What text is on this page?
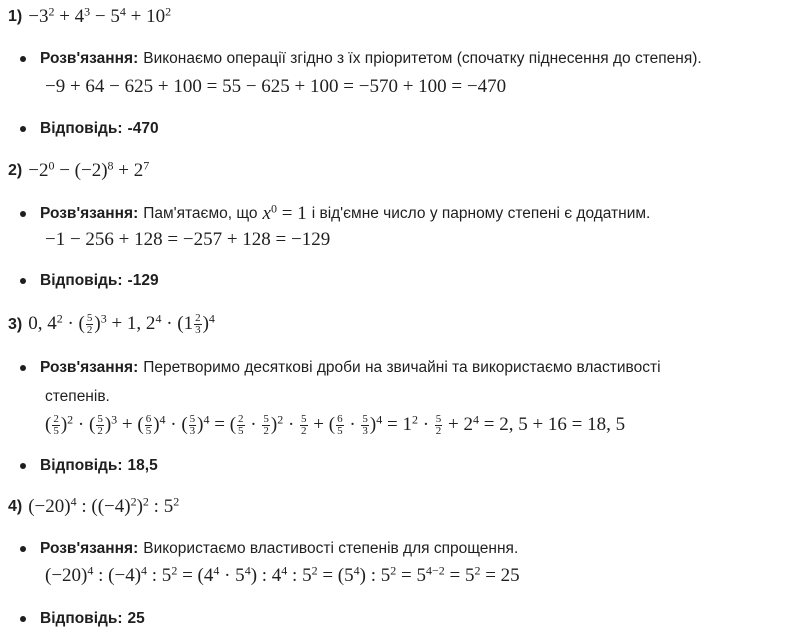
$1) -3^2 + 4^3 - 5^4 + 10^2$
Розв'язання: Виконаємо операції згідно з їх пріоритетом (спочатку піднесення до степеня).
−9 + 64 − 625 + 100 = 55 − 625 + 100 = −570 + 100 = −470
Відповідь: -470
$2) -2^0 - (-2)^8 + 2^7$
Розв'язання: Пам'ятаємо, що $x^0 = 1$ і від'ємне число у парному степені є додатним.
−1 − 256 + 128 = −257 + 128 = −129
Відповідь: -129
3) 0, $4^2$ · ( $\frac{5}{2} )^3 + 1$, $2^4 \cdot (1 \frac{2}{3} )^4$
Розв'язання: Перетворимо десяткові дроби на звичайні та використаємо властивості
степенів.
( $\frac{2}{5} )^2$ · ( $\frac{5}{2} )^3$ + ( $\frac{6}{5} )^4$ · ( $\frac{5}{3} )^4$ = ( $\frac{2}{5} \cdot \frac{5}{2} )^2 \cdot \frac{5}{2}$ + ( $\frac{6}{5} \cdot \frac{5}{3} )^4 = 1^2 \cdot \frac{5}{2} + 2^4 = 2$, 5 + 16 = 18, 5
Відповідь: 18,5
4) $(-20)^4$ : $((-4)^2)^2$ : $5^2$
Розв'язання: Використаємо властивості степенів для спрощення.
$(-20)^4$ : $(-4)^4$ : $5^2 = (4^4 \cdot 5^4)$ : $4^4$ : $5^2 = (5^4)$ : $5^2 = 5^{4-2} = 5^2 = 25$
Відповідь: 25
